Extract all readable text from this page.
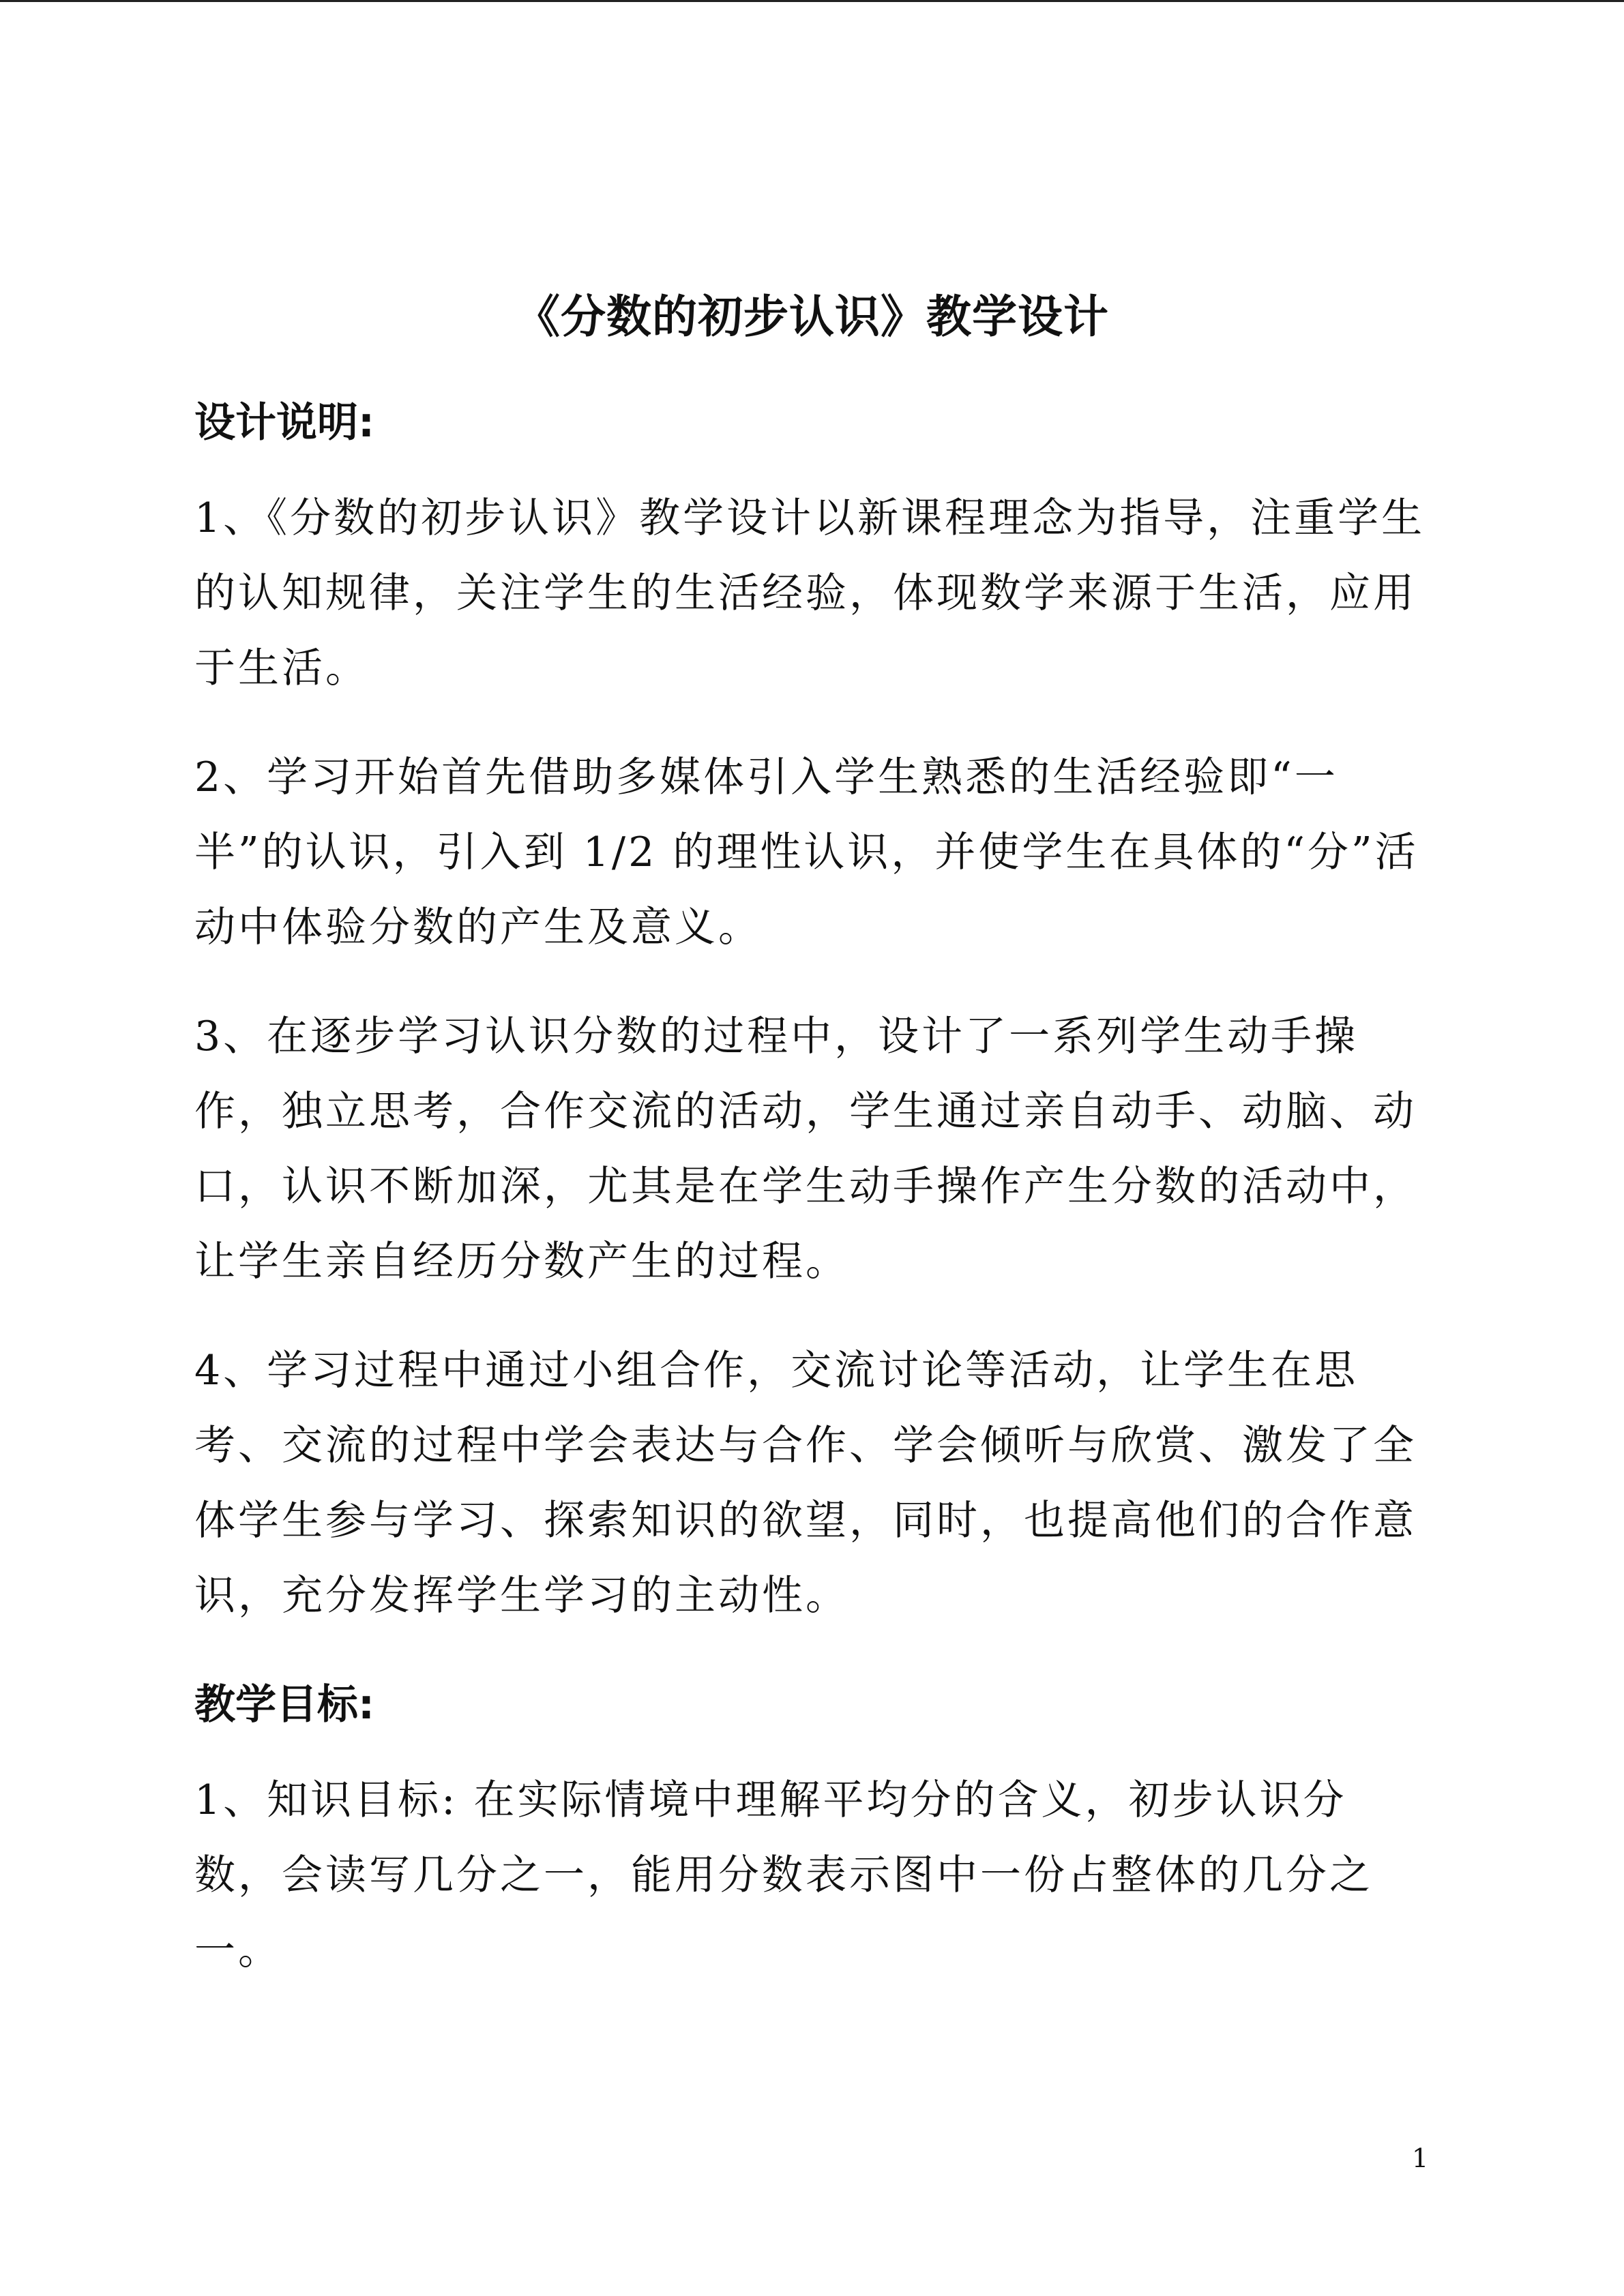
《分数的初步认识》教学设计
设计说明:
1、《分数的初步认识》教学设计以新课程理念为指导，注重学生的认知规律，关注学生的生活经验，体现数学来源于生活，应用于生活。
2、学习开始首先借助多媒体引入学生熟悉的生活经验即“一半”的认识，引入到 1/2 的理性认识，并使学生在具体的“分”活动中体验分数的产生及意义。
3、在逐步学习认识分数的过程中，设计了一系列学生动手操作，独立思考，合作交流的活动，学生通过亲自动手、动脑、动口，认识不断加深，尤其是在学生动手操作产生分数的活动中，让学生亲自经历分数产生的过程。
4、学习过程中通过小组合作，交流讨论等活动，让学生在思考、交流的过程中学会表达与合作、学会倾听与欣赏、激发了全体学生参与学习、探索知识的欲望，同时，也提高他们的合作意识，充分发挥学生学习的主动性。
教学目标:
1、知识目标: 在实际情境中理解平均分的含义，初步认识分数，会读写几分之一，能用分数表示图中一份占整体的几分之一。
1
